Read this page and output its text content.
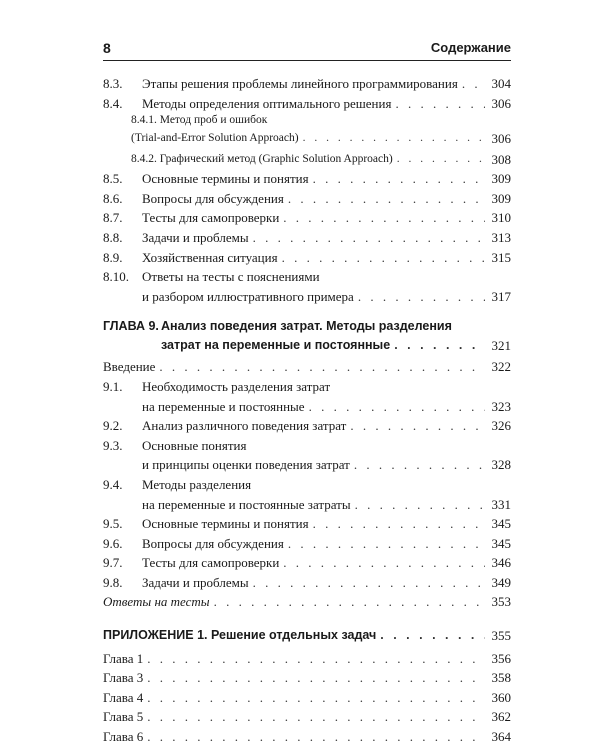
8	Содержание
8.3.	Этапы решения проблемы линейного программирования . . .	304
8.4.	Методы определения оптимального решения . . .	306
8.4.1. Метод проб и ошибок
(Trial-and-Error Solution Approach) . . .	306
8.4.2. Графический метод (Graphic Solution Approach) . . .	308
8.5.	Основные термины и понятия . . .	309
8.6.	Вопросы для обсуждения . . .	309
8.7.	Тесты для самопроверки . . .	310
8.8.	Задачи и проблемы . . .	313
8.9.	Хозяйственная ситуация . . .	315
8.10.	Ответы на тесты с пояснениями
и разбором иллюстративного примера . . .	317
ГЛАВА 9. Анализ поведения затрат. Методы разделения
затрат на переменные и постоянные . . .	321
Введение . . .	322
9.1.	Необходимость разделения затрат
на переменные и постоянные . . .	323
9.2.	Анализ различного поведения затрат . . .	326
9.3.	Основные понятия
и принципы оценки поведения затрат . . .	328
9.4.	Методы разделения
на переменные и постоянные затраты . . .	331
9.5.	Основные термины и понятия . . .	345
9.6.	Вопросы для обсуждения . . .	345
9.7.	Тесты для самопроверки . . .	346
9.8.	Задачи и проблемы . . .	349
Ответы на тесты . . .	353
ПРИЛОЖЕНИЕ 1. Решение отдельных задач . . .	355
Глава 1 . . .	356
Глава 3 . . .	358
Глава 4 . . .	360
Глава 5 . . .	362
Глава 6 . . .	364
